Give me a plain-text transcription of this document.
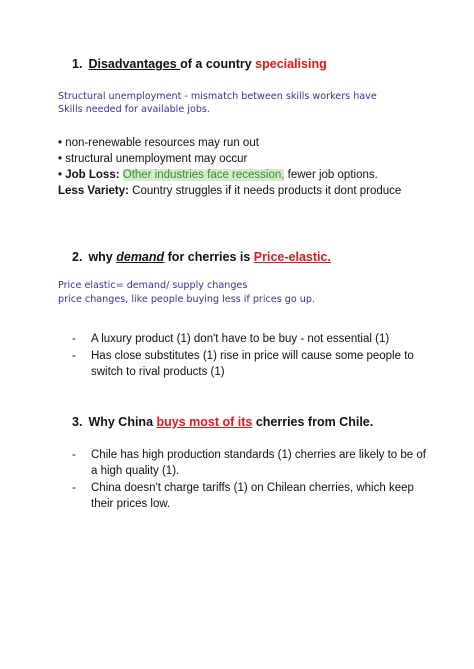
1. Disadvantages of a country specialising
Structural unemployment - mismatch between skills workers have
Skills needed for available jobs.
• non-renewable resources may run out
• structural unemployment may occur
• Job Loss: Other industries face recession, fewer job options.
Less Variety: Country struggles if it needs products it dont produce
2. why demand for cherries is Price-elastic.
Price elastic= demand/ supply changes
price changes, like people buying less if prices go up.
- A luxury product (1) don't have to be buy - not essential (1)
- Has close substitutes (1) rise in price will cause some people to switch to rival products (1)
3. Why China buys most of its cherries from Chile.
- Chile has high production standards (1) cherries are likely to be of a high quality (1).
- China doesn't charge tariffs (1) on Chilean cherries, which keep their prices low.
